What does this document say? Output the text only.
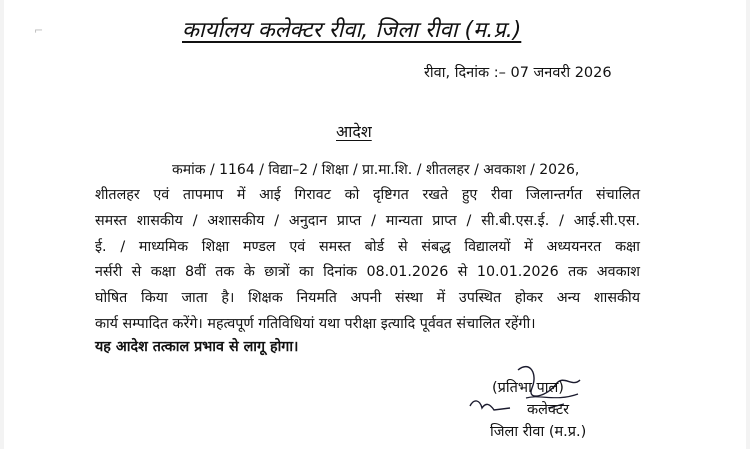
⌐	कार्यालय कलेक्टर रीवा, जिला रीवा (म.प्र.)
रीवा, दिनांक :– 07 जनवरी 2026
आदेश
कमांक / 1164 / विद्या–2 / शिक्षा / प्रा.मा.शि. / शीतलहर / अवकाश / 2026,
शीतलहर एवं तापमाप में आई गिरावट को दृष्टिगत रखते हुए रीवा जिलान्तर्गत संचालित
समस्त शासकीय / अशासकीय / अनुदान प्राप्त / मान्यता प्राप्त / सी.बी.एस.ई. / आई.सी.एस.
ई. / माध्यमिक शिक्षा मण्डल एवं समस्त बोर्ड से संबद्ध विद्यालयों में अध्ययनरत कक्षा
नर्सरी से कक्षा 8वीं तक के छात्रों का दिनांक 08.01.2026 से 10.01.2026 तक अवकाश
घोषित किया जाता है। शिक्षक नियमति अपनी संस्था में उपस्थित होकर अन्य शासकीय
कार्य सम्पादित करेंगे। महत्वपूर्ण गतिविधियां यथा परीक्षा इत्यादि पूर्ववत संचालित रहेंगी।
यह आदेश तत्काल प्रभाव से लागू होगा।
(प्रतिभा पाल)
कलेक्टर
जिला रीवा (म.प्र.)
